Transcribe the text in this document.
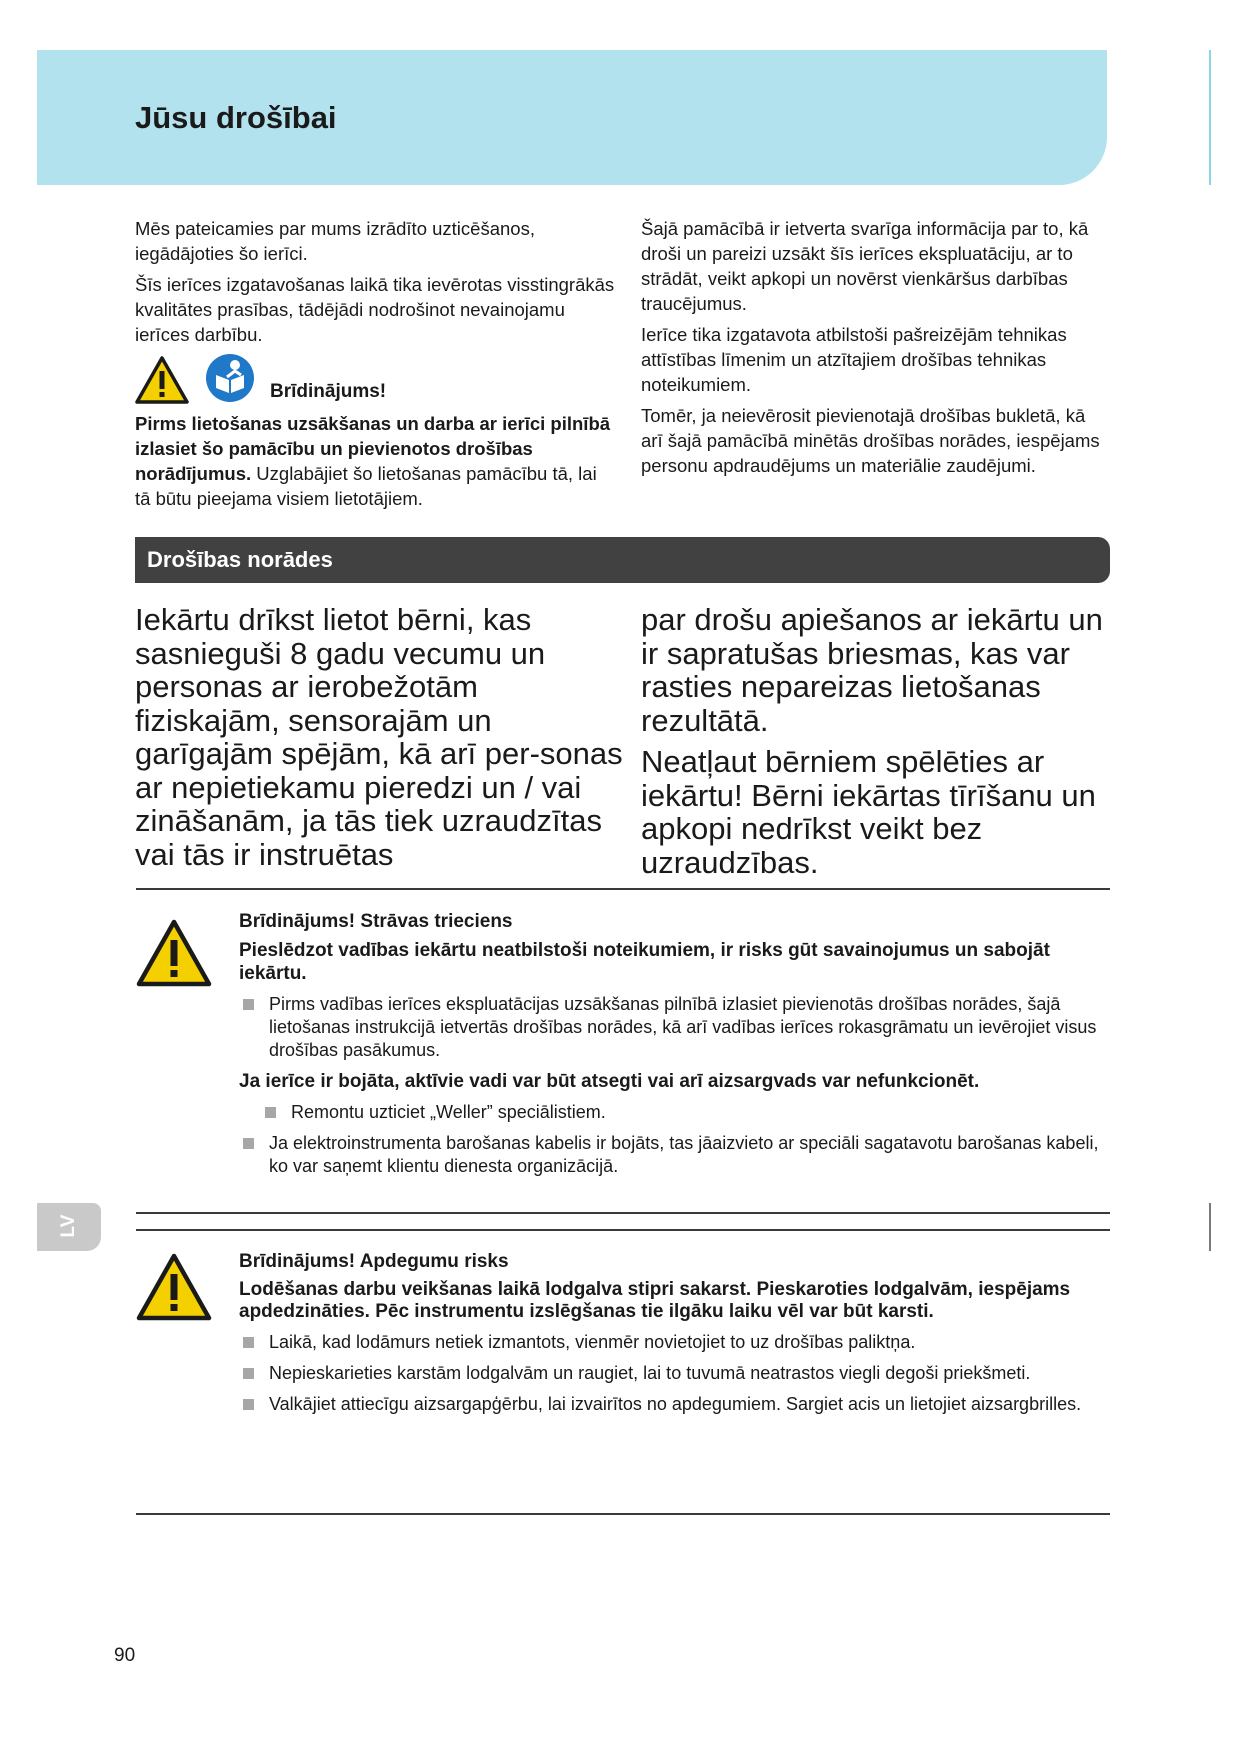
Jūsu drošībai

Mēs pateicamies par mums izrādīto uzticēšanos, iegādājoties šo ierīci.

Šīs ierīces izgatavošanas laikā tika ievērotas visstingrākās kvalitātes prasības, tādējādi nodrošinot nevainojamu ierīces darbību.

Brīdinājums!

Pirms lietošanas uzsākšanas un darba ar ierīci pilnībā izlasiet šo pamācību un pievienotos drošības norādījumus. Uzglabājiet šo lietošanas pamācību tā, lai tā būtu pieejama visiem lietotājiem.

Šajā pamācībā ir ietverta svarīga informācija par to, kā droši un pareizi uzsākt šīs ierīces ekspluatāciju, ar to strādāt, veikt apkopi un novērst vienkāršus darbības traucējumus.

Ierīce tika izgatavota atbilstoši pašreizējām tehnikas attīstības līmenim un atzītajiem drošības tehnikas noteikumiem.

Tomēr, ja neievērosit pievienotajā drošības bukletā, kā arī šajā pamācībā minētās drošības norādes, iespējams personu apdraudējums un materiālie zaudējumi.

Drošības norādes

Iekārtu drīkst lietot bērni, kas sasnieguši 8 gadu vecumu un personas ar ierobežotām fiziskajām, sensorajām un garīgajām spējām, kā arī per-sonas ar nepietiekamu pieredzi un / vai zināšanām, ja tās tiek uzraudzītas vai tās ir instruētas

par drošu apiešanos ar iekārtu un ir sapratušas briesmas, kas var rasties nepareizas lietošanas rezultātā.

Neatļaut bērniem spēlēties ar iekārtu! Bērni iekārtas tīrīšanu un apkopi nedrīkst veikt bez uzraudzības.

Brīdinājums! Strāvas trieciens

Pieslēdzot vadības iekārtu neatbilstoši noteikumiem, ir risks gūt savainojumus un sabojāt iekārtu.

Pirms vadības ierīces ekspluatācijas uzsākšanas pilnībā izlasiet pievienotās drošības norādes, šajā lietošanas instrukcijā ietvertās drošības norādes, kā arī vadības ierīces rokasgrāmatu un ievērojiet visus drošības pasākumus.

Ja ierīce ir bojāta, aktīvie vadi var būt atsegti vai arī aizsargvads var nefunkcionēt.

Remontu uzticiet „Weller” speciālistiem.
Ja elektroinstrumenta barošanas kabelis ir bojāts, tas jāaizvieto ar speciāli sagatavotu barošanas kabeli, ko var saņemt klientu dienesta organizācijā.
LV

Brīdinājums! Apdegumu risks

Lodēšanas darbu veikšanas laikā lodgalva stipri sakarst. Pieskaroties lodgalvām, iespējams apdedzināties. Pēc instrumentu izslēgšanas tie ilgāku laiku vēl var būt karsti.

Laikā, kad lodāmurs netiek izmantots, vienmēr novietojiet to uz drošības paliktņa.
Nepieskarieties karstām lodgalvām un raugiet, lai to tuvumā neatrastos viegli degoši priekšmeti.
Valkājiet attiecīgu aizsargapģērbu, lai izvairītos no apdegumiem. Sargiet acis un lietojiet aizsargbrilles.
90
